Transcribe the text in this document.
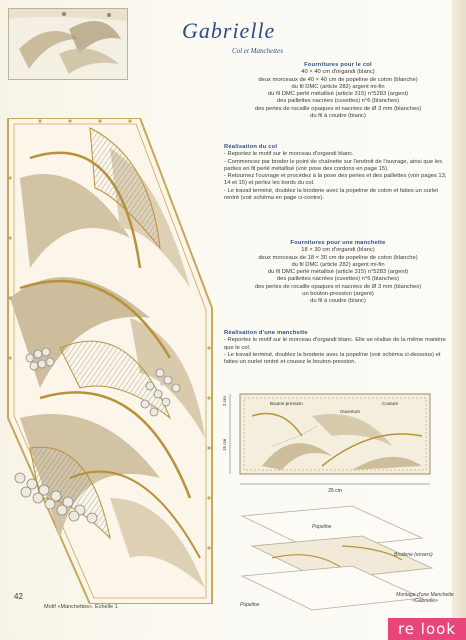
Gabrielle
Col et Manchettes
Fournitures pour le col
40 × 40 cm d'organdi (blanc)
deux morceaux de 40 × 40 cm de popeline de coton (blanche)
du fil DMC (article 282) argent mi-fin
du fil DMC perlé métallisé (article 315) n°5283 (argent)
des paillettes nacrées (cuvettes) n°6 (blanches)
des perles de rocaille opaques et nacrées de Ø 3 mm (blanches)
du fil à coudre (blanc)
Réalisation du col

- Reportez le motif sur le morceau d'organdi blanc.

- Commencez par broder le point de chaînette sur l'endroit de l'ouvrage, ainsi que les parties en fil perlé métallisé (voir pose des cordons en page 15).

- Retournez l'ouvrage et procédez à la pose des perles et des paillettes (voir pages 13, 14 et 15) et perlez les bords du col.

- Le travail terminé, doublez la broderie avec la popeline de coton et faites un ourlet rentré (voir schéma en page ci-contre).

Fournitures pour une manchette
18 × 30 cm d'organdi (blanc)
deux morceaux de 18 × 30 cm de popeline de coton (blanche)
du fil DMC (article 282) argent mi-fin
du fil DMC perlé métallisé (article 315) n°5283 (argent)
des paillettes nacrées (cuvettes) n°6 (blanches)
des perles de rocaille opaques et nacrées de Ø 3 mm (blanches)
un bouton-pression (argent)
du fil à coudre (blanc)
Réalisation d'une manchette

- Reportez le motif sur le morceau d'organdi blanc. Elle se réalise de la même manière que le col.

- Le travail terminé, doublez la broderie avec la popeline (voir schéma ci-dessous) et faites un ourlet rentré et cousez le bouton-pression.

25 cm
3 cm
15 cm
Bouton-pression
Ouverture
Couture
Popeline
Broderie (envers)
Popeline
Montage d'une Manchette «Gabrielle»
42
Motif «Manchettes». Échelle 1
re look
